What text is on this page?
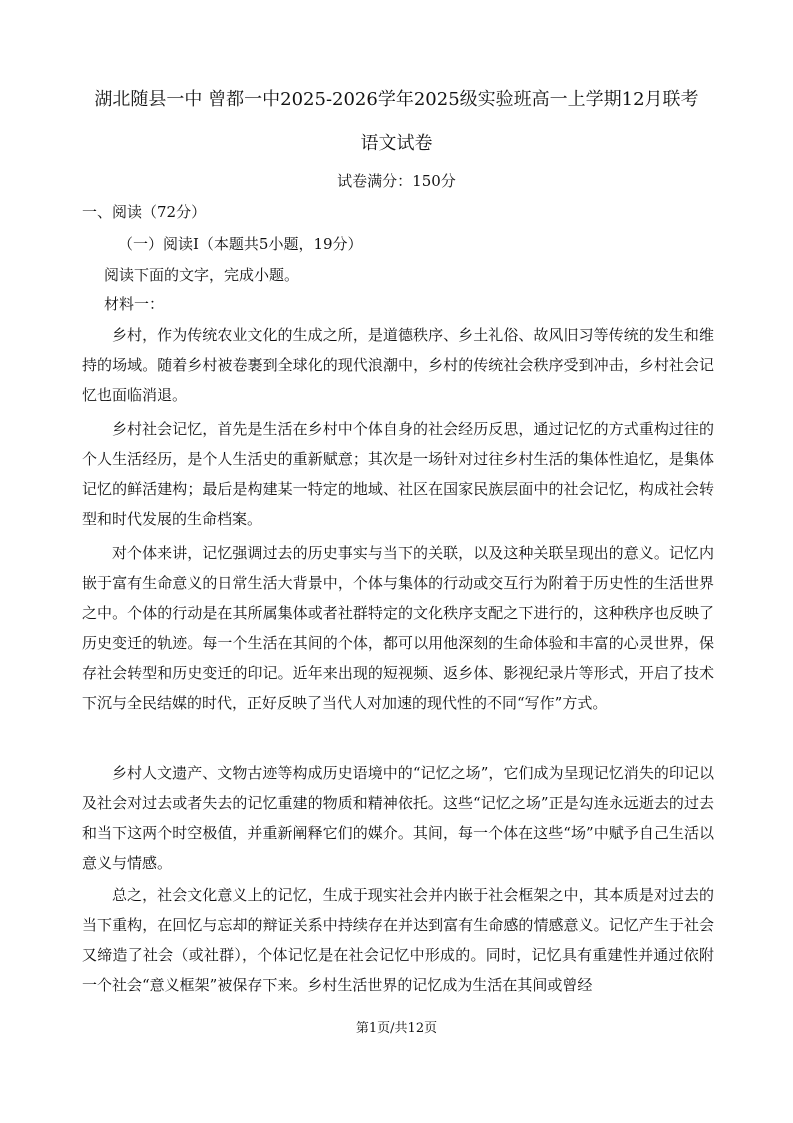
湖北随县一中 曾都一中2025-2026学年2025级实验班高一上学期12月联考
语文试卷
试卷满分：150分
一、阅读（72分）
（一）阅读Ⅰ（本题共5小题，19分）
阅读下面的文字，完成小题。
材料一：

乡村，作为传统农业文化的生成之所，是道德秩序、乡土礼俗、故风旧习等传统的发生和维持的场域。随着乡村被卷裹到全球化的现代浪潮中，乡村的传统社会秩序受到冲击，乡村社会记忆也面临消退。

乡村社会记忆，首先是生活在乡村中个体自身的社会经历反思，通过记忆的方式重构过往的个人生活经历，是个人生活史的重新赋意；其次是一场针对过往乡村生活的集体性追忆，是集体记忆的鲜活建构；最后是构建某一特定的地域、社区在国家民族层面中的社会记忆，构成社会转型和时代发展的生命档案。

对个体来讲，记忆强调过去的历史事实与当下的关联，以及这种关联呈现出的意义。记忆内嵌于富有生命意义的日常生活大背景中，个体与集体的行动或交互行为附着于历史性的生活世界之中。个体的行动是在其所属集体或者社群特定的文化秩序支配之下进行的，这种秩序也反映了历史变迁的轨迹。每一个生活在其间的个体，都可以用他深刻的生命体验和丰富的心灵世界，保存社会转型和历史变迁的印记。近年来出现的短视频、返乡体、影视纪录片等形式，开启了技术下沉与全民结媒的时代，正好反映了当代人对加速的现代性的不同“写作”方式。

乡村人文遗产、文物古迹等构成历史语境中的“记忆之场”，它们成为呈现记忆消失的印记以及社会对过去或者失去的记忆重建的物质和精神依托。这些“记忆之场”正是勾连永远逝去的过去和当下这两个时空极值，并重新阐释它们的媒介。其间，每一个体在这些“场”中赋予自己生活以意义与情感。

总之，社会文化意义上的记忆，生成于现实社会并内嵌于社会框架之中，其本质是对过去的当下重构，在回忆与忘却的辩证关系中持续存在并达到富有生命感的情感意义。记忆产生于社会又缔造了社会（或社群），个体记忆是在社会记忆中形成的。同时，记忆具有重建性并通过依附一个社会“意义框架”被保存下来。乡村生活世界的记忆成为生活在其间或曾经

第1页/共12页
